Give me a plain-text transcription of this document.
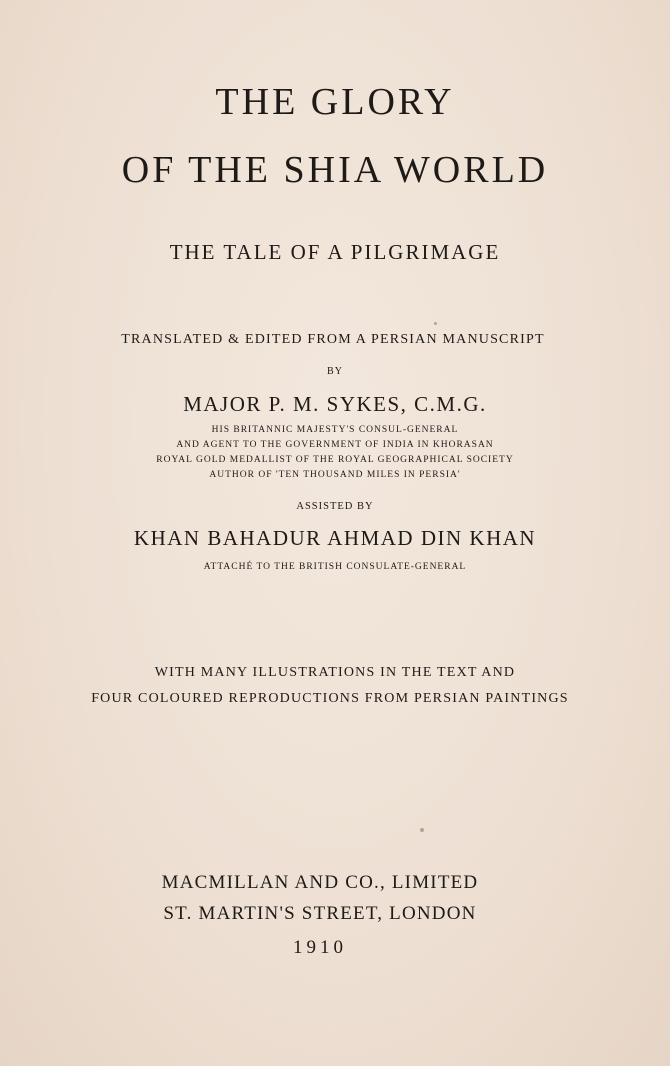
THE GLORY
OF THE SHIA WORLD
THE TALE OF A PILGRIMAGE
TRANSLATED & EDITED FROM A PERSIAN MANUSCRIPT
BY
MAJOR P. M. SYKES, C.M.G.
HIS BRITANNIC MAJESTY'S CONSUL-GENERAL
AND AGENT TO THE GOVERNMENT OF INDIA IN KHORASAN
ROYAL GOLD MEDALLIST OF THE ROYAL GEOGRAPHICAL SOCIETY
AUTHOR OF 'TEN THOUSAND MILES IN PERSIA'
ASSISTED BY
KHAN BAHADUR AHMAD DIN KHAN
ATTACHÉ TO THE BRITISH CONSULATE-GENERAL
WITH MANY ILLUSTRATIONS IN THE TEXT AND
FOUR COLOURED REPRODUCTIONS FROM PERSIAN PAINTINGS
MACMILLAN AND CO., LIMITED
ST. MARTIN'S STREET, LONDON
1910
